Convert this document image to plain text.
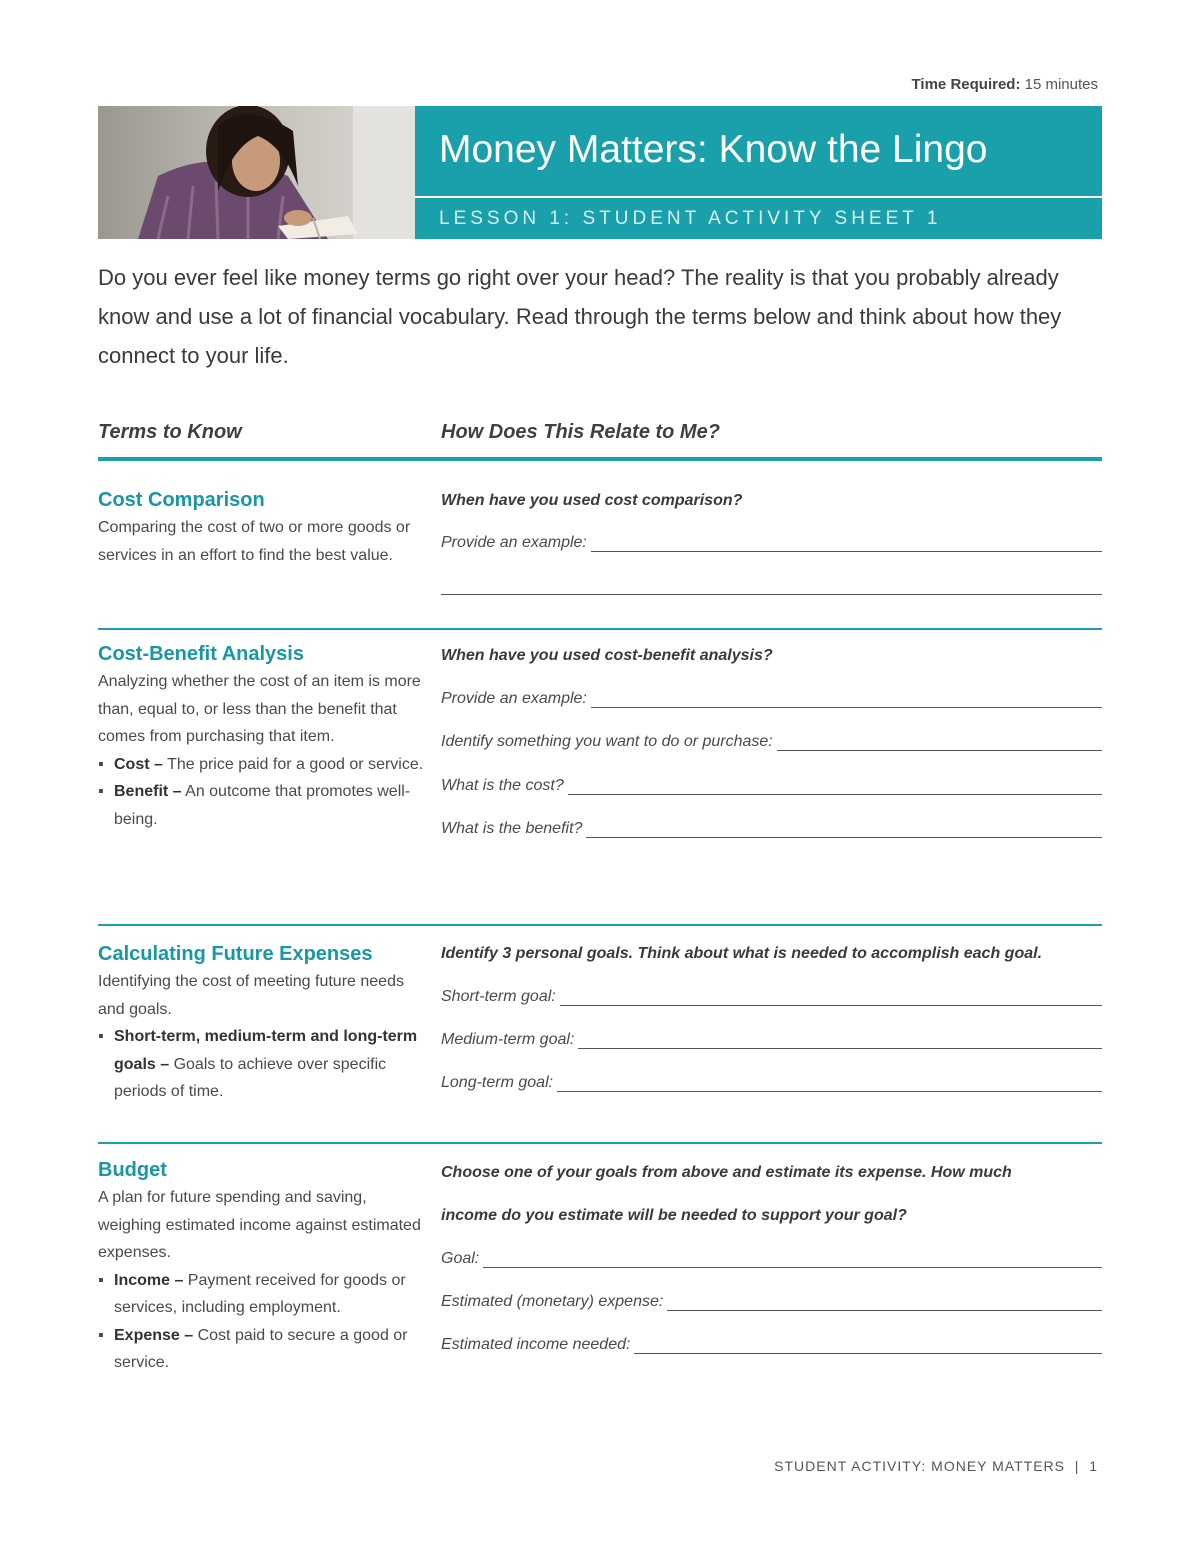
Time Required: 15 minutes
Money Matters: Know the Lingo
LESSON 1: STUDENT ACTIVITY SHEET 1
Do you ever feel like money terms go right over your head? The reality is that you probably already know and use a lot of financial vocabulary. Read through the terms below and think about how they connect to your life.
Terms to Know	How Does This Relate to Me?
Cost Comparison
Comparing the cost of two or more goods or services in an effort to find the best value.
When have you used cost comparison?
Provide an example:
Cost-Benefit Analysis
Analyzing whether the cost of an item is more than, equal to, or less than the benefit that comes from purchasing that item.
▪ Cost – The price paid for a good or service.
▪ Benefit – An outcome that promotes well-being.
When have you used cost-benefit analysis?
Provide an example:
Identify something you want to do or purchase:
What is the cost?
What is the benefit?
Calculating Future Expenses
Identifying the cost of meeting future needs and goals.
▪ Short-term, medium-term and long-term goals – Goals to achieve over specific periods of time.
Identify 3 personal goals. Think about what is needed to accomplish each goal.
Short-term goal:
Medium-term goal:
Long-term goal:
Budget
A plan for future spending and saving, weighing estimated income against estimated expenses.
▪ Income – Payment received for goods or services, including employment.
▪ Expense – Cost paid to secure a good or service.
Choose one of your goals from above and estimate its expense. How much income do you estimate will be needed to support your goal?
Goal:
Estimated (monetary) expense:
Estimated income needed:
STUDENT ACTIVITY: MONEY MATTERS | 1
